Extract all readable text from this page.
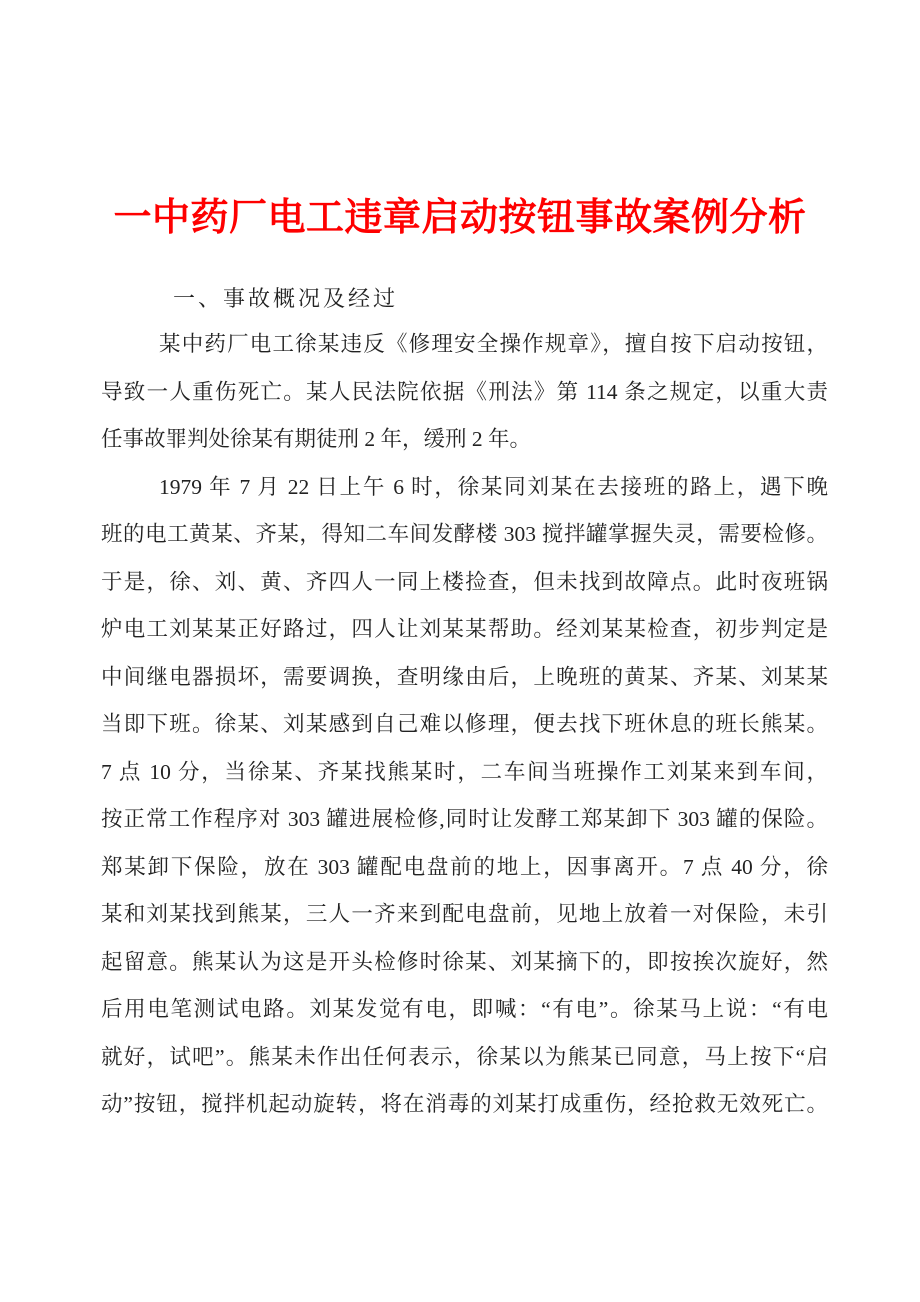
一中药厂电工违章启动按钮事故案例分析
一、事故概况及经过
某中药厂电工徐某违反《修理安全操作规章》，擅自按下启动按钮，
导致一人重伤死亡。某人民法院依据《刑法》第 114 条之规定，以重大责
任事故罪判处徐某有期徒刑 2 年，缓刑 2 年。
1979 年 7 月 22 日上午 6 时，徐某同刘某在去接班的路上，遇下晚
班的电工黄某、齐某，得知二车间发酵楼 303 搅拌罐掌握失灵，需要检修。
于是，徐、刘、黄、齐四人一同上楼捡查，但未找到故障点。此时夜班锅
炉电工刘某某正好路过，四人让刘某某帮助。经刘某某检查，初步判定是
中间继电器损坏，需要调换，查明缘由后，上晚班的黄某、齐某、刘某某
当即下班。徐某、刘某感到自己难以修理，便去找下班休息的班长熊某。
7 点 10 分，当徐某、齐某找熊某时，二车间当班操作工刘某来到车间，
按正常工作程序对 303 罐进展检修,同时让发酵工郑某卸下 303 罐的保险。
郑某卸下保险，放在 303 罐配电盘前的地上，因事离开。7 点 40 分，徐
某和刘某找到熊某，三人一齐来到配电盘前，见地上放着一对保险，未引
起留意。熊某认为这是开头检修时徐某、刘某摘下的，即按挨次旋好，然
后用电笔测试电路。刘某发觉有电，即喊：“有电”。徐某马上说：“有电
就好，试吧”。熊某未作出任何表示，徐某以为熊某已同意，马上按下“启
动”按钮，搅拌机起动旋转，将在消毒的刘某打成重伤，经抢救无效死亡。
